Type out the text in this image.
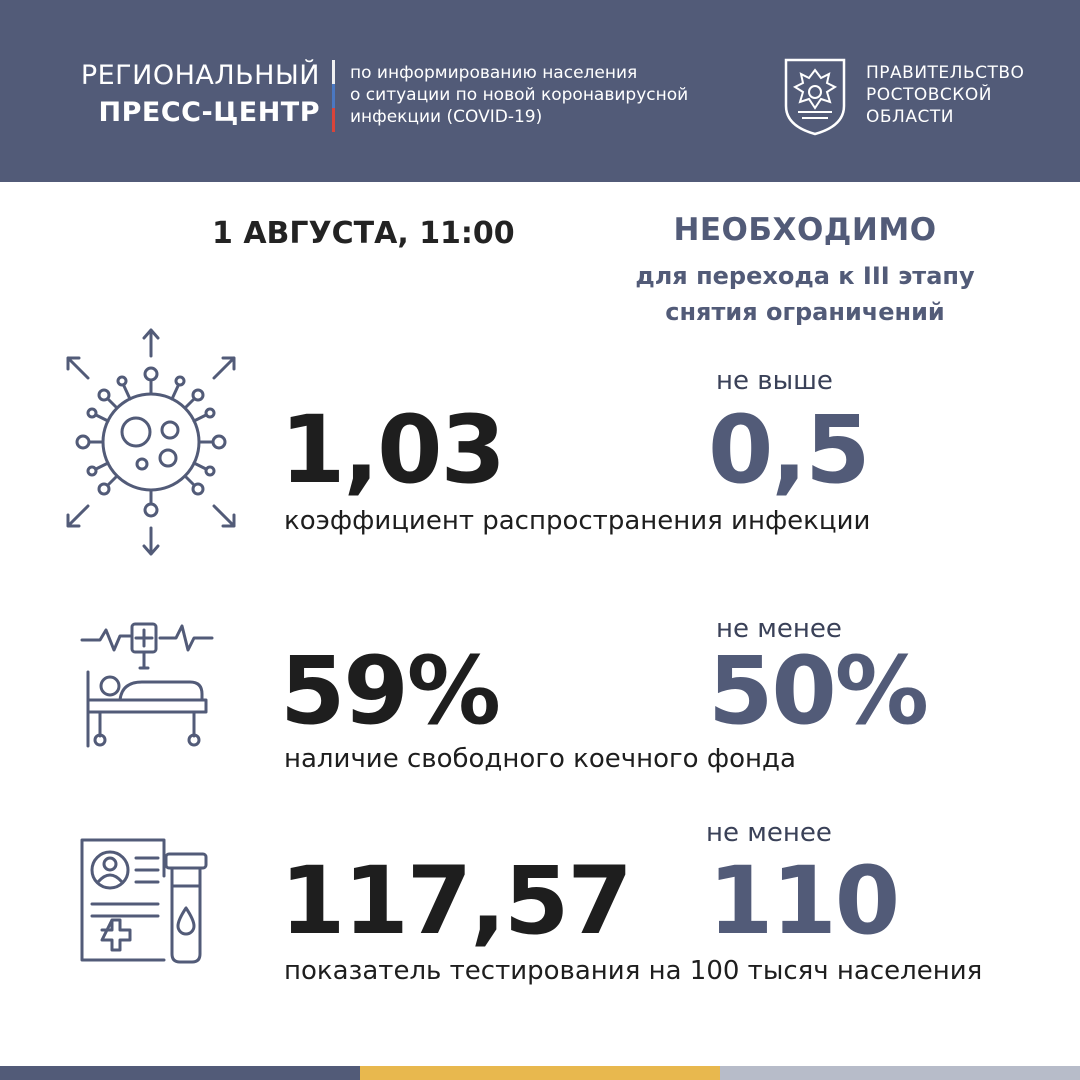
РЕГИОНАЛЬНЫЙ
ПРЕСС-ЦЕНТР
по информированию населения
о ситуации по новой коронавирусной
инфекции (COVID-19)
ПРАВИТЕЛЬСТВО
РОСТОВСКОЙ
ОБЛАСТИ
1 АВГУСТА, 11:00	НЕОБХОДИМО
для перехода к III этапу
снятия ограничений
1,03
не выше
0,5
коэффициент распространения инфекции
59%
не менее
50%
наличие свободного коечного фонда
117,57
не менее
110
показатель тестирования на 100 тысяч населения
